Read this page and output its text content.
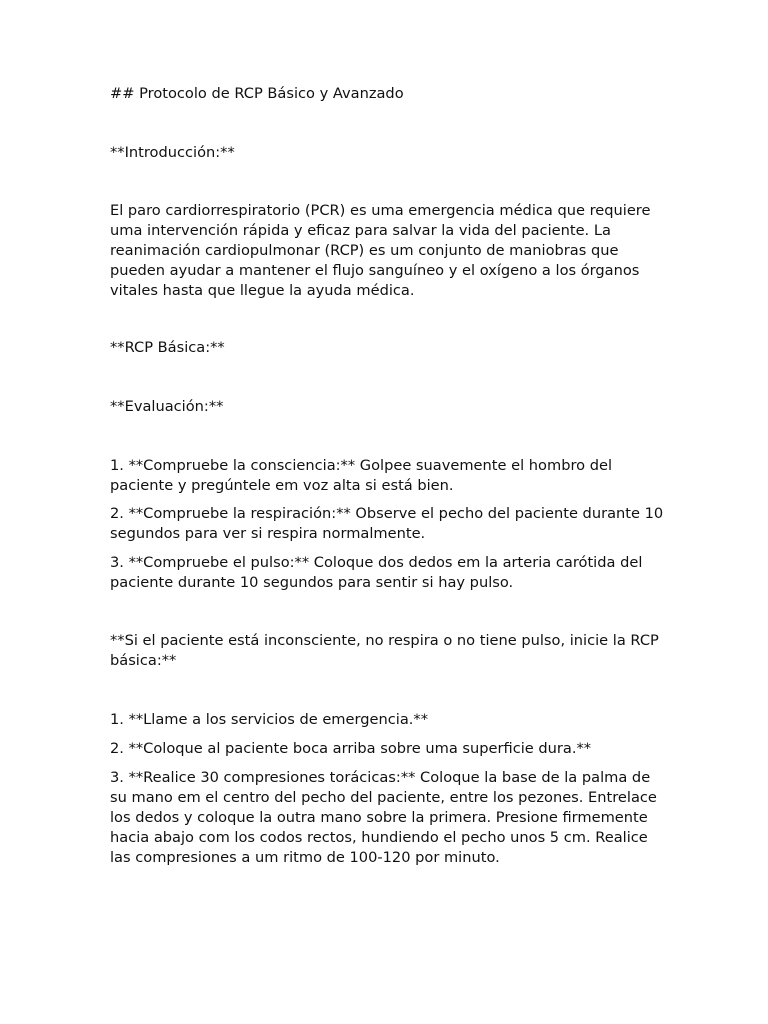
## Protocolo de RCP Básico y Avanzado

**Introducción:**

El paro cardiorrespiratorio (PCR) es uma emergencia médica que requiere uma intervención rápida y eficaz para salvar la vida del paciente. La reanimación cardiopulmonar (RCP) es um conjunto de maniobras que pueden ayudar a mantener el flujo sanguíneo y el oxígeno a los órganos vitales hasta que llegue la ayuda médica.

**RCP Básica:**

**Evaluación:**

1. **Compruebe la consciencia:** Golpee suavemente el hombro del paciente y pregúntele em voz alta si está bien.

2. **Compruebe la respiración:** Observe el pecho del paciente durante 10 segundos para ver si respira normalmente.

3. **Compruebe el pulso:** Coloque dos dedos em la arteria carótida del paciente durante 10 segundos para sentir si hay pulso.

**Si el paciente está inconsciente, no respira o no tiene pulso, inicie la RCP básica:**

1. **Llame a los servicios de emergencia.**

2. **Coloque al paciente boca arriba sobre uma superficie dura.**

3. **Realice 30 compresiones torácicas:** Coloque la base de la palma de su mano em el centro del pecho del paciente, entre los pezones. Entrelace los dedos y coloque la outra mano sobre la primera. Presione firmemente hacia abajo com los codos rectos, hundiendo el pecho unos 5 cm. Realice las compresiones a um ritmo de 100-120 por minuto.
